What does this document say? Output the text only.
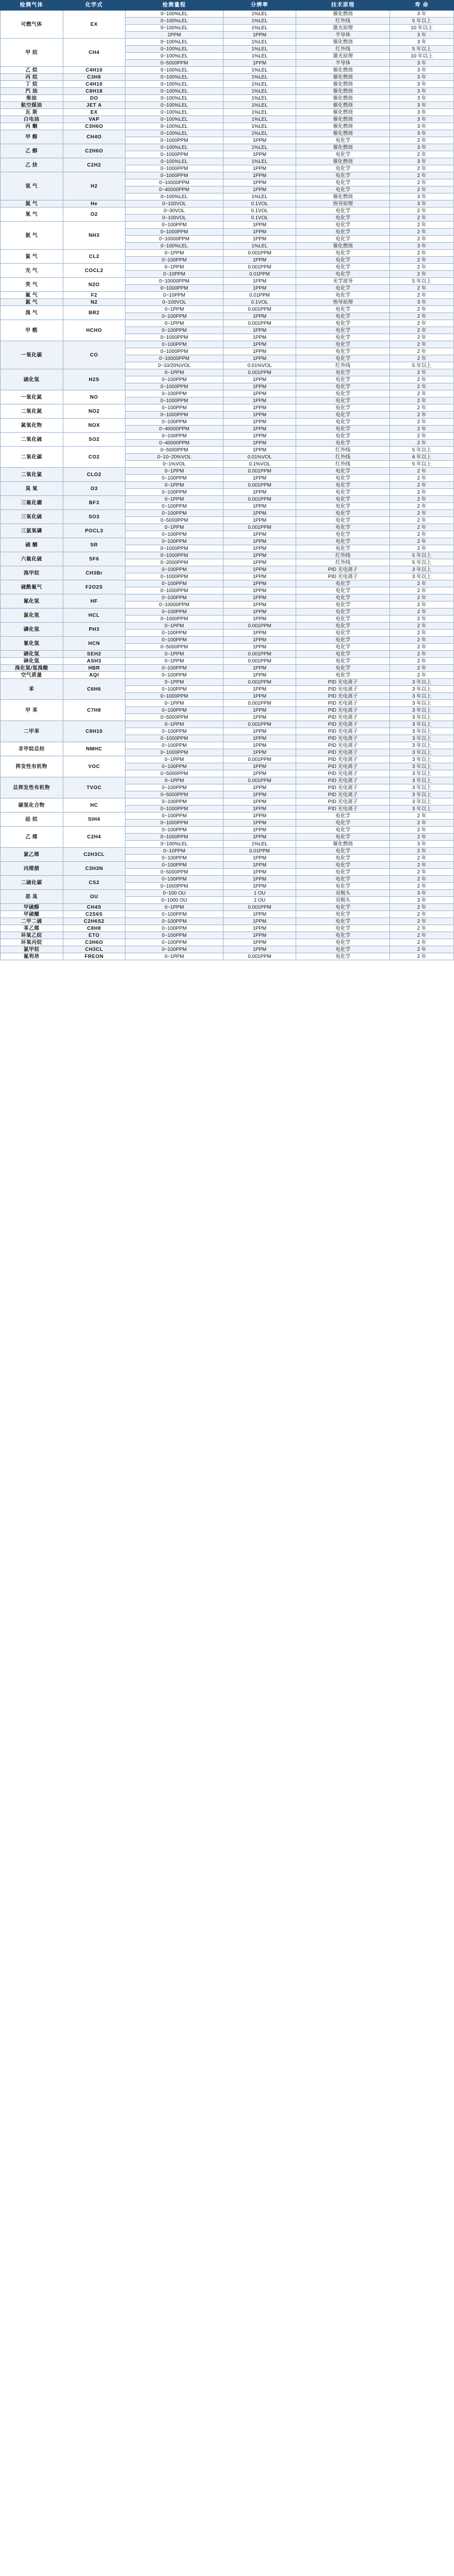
检测气体	化学式	检测量程	分辨率	技术原理	寿 命
可燃气体	EX	0~100%LEL	1%LEL	催化燃烧	3 年
		0~100%LEL	1%LEL	红外线	5 年以上
		0~100%LEL	1%LEL	激光原理	10 年以上
		1PPM	1PPM	半导体	3 年
甲 烷	CH4	0~100%LEL	1%LEL	催化燃烧	3 年
		0~100%LEL	1%LEL	红外线	5 年以上
		0~100%LEL	1%LEL	激光原理	10 年以上
		0~5000PPM	1PPM	半导体	3 年
乙 烷	C4H10	0~100%LEL	1%LEL	催化燃烧	3 年
丙 烷	C3H8	0~100%LEL	1%LEL	催化燃烧	3 年
丁 烷	C4H10	0~100%LEL	1%LEL	催化燃烧	3 年
汽 油	C8H18	0~100%LEL	1%LEL	催化燃烧	3 年
柴油	DO	0~100%LEL	1%LEL	催化燃烧	3 年
航空煤油	JET A	0~100%LEL	1%LEL	催化燃烧	3 年
瓦 斯	EX	0~100%LEL	1%LEL	催化燃烧	3 年
白电油	VAP	0~100%LEL	1%LEL	催化燃烧	3 年
丙 酮	C3H6O	0~100%LEL	1%LEL	催化燃烧	3 年
甲 醇	CH4O	0~100%LEL	1%LEL	催化燃烧	3 年
		0~1000PPM	1PPM	电化学	2 年
乙 醇	C2H6O	0~100%LEL	1%LEL	催化燃烧	3 年
		0~1000PPM	1PPM	电化学	2 年
乙 炔	C2H2	0~100%LEL	1%LEL	催化燃烧	3 年
		0~1000PPM	1PPM	电化学	2 年
氢 气	H2	0~1000PPM	1PPM	电化学	2 年
		0~10000PPM	1PPM	电化学	2 年
		0~40000PPM	1PPM	电化学	2 年
		0~100%LEL	1%LEL	催化燃烧	3 年
氦 气	He	0~100VOL	0.1VOL	热导原理	3 年
氧 气	O2	0~30VOL	0.1VOL	电化学	2 年
		0~100VOL	0.1VOL	电化学	2 年
氨 气	NH3	0~100PPM	1PPM	电化学	2 年
		0~1000PPM	1PPM	电化学	2 年
		0~10000PPM	1PPM	电化学	2 年
		0~100%LEL	1%LEL	催化燃烧	3 年
氯 气	CL2	0~1PPM	0.001PPM	电化学	2 年
		0~100PPM	1PPM	电化学	2 年
光 气	COCL2	0~1PPM	0.001PPM	电化学	2 年
		0~10PPM	0.01PPM	电化学	2 年
笑 气	N2O	0~10000PPM	1PPM	光学波导	5 年以上
		0~1000PPM	1PPM	电化学	2 年
氟 气	F2	0~10PPM	0.01PPM	电化学	2 年
氮 气	N2	0~100VOL	0.1VOL	热导原理	3 年
溴 气	BR2	0~1PPM	0.001PPM	电化学	2 年
		0~100PPM	1PPM	电化学	2 年
甲 醛	HCHO	0~1PPM	0.001PPM	电化学	2 年
		0~100PPM	1PPM	电化学	2 年
		0~1000PPM	1PPM	电化学	2 年
一氧化碳	CO	0~100PPM	1PPM	电化学	2 年
		0~1000PPM	1PPM	电化学	2 年
		0~10000PPM	1PPM	电化学	2 年
		0~10/20%VOL	0.01%VOL	红外线	5 年以上
硫化氢	H2S	0~1PPM	0.001PPM	电化学	2 年
		0~100PPM	1PPM	电化学	2 年
		0~1000PPM	1PPM	电化学	2 年
一氧化氮	NO	0~100PPM	1PPM	电化学	2 年
		0~1000PPM	1PPM	电化学	2 年
二氧化氮	NO2	0~100PPM	1PPM	电化学	2 年
		0~1000PPM	1PPM	电化学	2 年
氮氧化物	NOX	0~100PPM	1PPM	电化学	2 年
		0~40000PPM	1PPM	电化学	2 年
二氧化硫	SO2	0~100PPM	1PPM	电化学	2 年
		0~40000PPM	1PPM	电化学	2 年
二氧化碳	CO2	0~5000PPM	1PPM	红外线	5 年以上
		0~10~20%VOL	0.01%VOL	红外线	6 年以上
		0~1%VOL	0.1%VOL	红外线	5 年以上
二氧化氯	CLO2	0~1PPM	0.001PPM	电化学	2 年
		0~100PPM	1PPM	电化学	2 年
臭 氧	O3	0~1PPM	0.001PPM	电化学	2 年
		0~100PPM	1PPM	电化学	2 年
三氟化硼	BF3	0~1PPM	0.001PPM	电化学	2 年
		0~100PPM	1PPM	电化学	2 年
三氧化硫	SO3	0~100PPM	1PPM	电化学	2 年
		0~5000PPM	1PPM	电化学	2 年
三氯氧磷	POCL3	0~1PPM	0.001PPM	电化学	2 年
		0~100PPM	1PPM	电化学	2 年
硫 醚	SR	0~100PPM	1PPM	电化学	2 年
		0~1000PPM	1PPM	电化学	2 年
六氟化硫	SF6	0~1000PPM	1PPM	红外线	5 年以上
		0~2000PPM	1PPM	红外线	5 年以上
溴甲烷	CH3Br	0~100PPM	1PPM	PID 光电离子	3 年以上
		0~1000PPM	1PPM	PID 光电离子	3 年以上
硫酰氟气	F2O2S	0~100PPM	1PPM	电化学	2 年
		0~1000PPM	1PPM	电化学	2 年
氟化氢	HF	0~100PPM	1PPM	电化学	2 年
		0~10000PPM	1PPM	电化学	2 年
氯化氢	HCL	0~100PPM	1PPM	电化学	2 年
		0~1000PPM	1PPM	电化学	2 年
磷化氢	PH3	0~1PPM	0.001PPM	电化学	2 年
		0~100PPM	1PPM	电化学	2 年
氰化氢	HCN	0~100PPM	1PPM	电化学	2 年
		0~5000PPM	1PPM	电化学	2 年
硒化氢	SEH2	0~1PPM	0.001PPM	电化学	2 年
砷化氢	ASH3	0~1PPM	0.001PPM	电化学	2 年
溴化氢/氢溴酸	HBR	0~100PPM	1PPM	电化学	2 年
空气质量	AQI	0~100PPM	1PPM	电化学	2 年
苯	C6H6	0~1PPM	0.001PPM	PID 光电离子	3 年以上
		0~100PPM	1PPM	PID 光电离子	3 年以上
		0~1000PPM	1PPM	PID 光电离子	3 年以上
甲 苯	C7H8	0~1PPM	0.001PPM	PID 光电离子	3 年以上
		0~100PPM	1PPM	PID 光电离子	3 年以上
		0~5000PPM	1PPM	PID 光电离子	3 年以上
二甲苯	C8H10	0~1PPM	0.001PPM	PID 光电离子	3 年以上
		0~100PPM	1PPM	PID 光电离子	3 年以上
		0~1000PPM	1PPM	PID 光电离子	3 年以上
非甲烷总烃	NMHC	0~100PPM	1PPM	PID 光电离子	3 年以上
		0~1000PPM	1PPM	PID 光电离子	3 年以上
挥发性有机物	VOC	0~1PPM	0.001PPM	PID 光电离子	3 年以上
		0~100PPM	1PPM	PID 光电离子	3 年以上
		0~5000PPM	1PPM	PID 光电离子	3 年以上
总挥发性有机物	TVOC	0~1PPM	0.001PPM	PID 光电离子	3 年以上
		0~100PPM	1PPM	PID 光电离子	3 年以上
		0~5000PPM	1PPM	PID 光电离子	3 年以上
碳氢化合物	HC	0~100PPM	1PPM	PID 光电离子	3 年以上
		0~1000PPM	1PPM	PID 光电离子	3 年以上
硅 烷	SIH4	0~100PPM	1PPM	电化学	2 年
		0~1000PPM	1PPM	电化学	2 年
乙 烯	C2H4	0~100PPM	1PPM	电化学	2 年
		0~1000PPM	1PPM	电化学	2 年
		0~100%LEL	1%LEL	催化燃烧	3 年
氯乙烯	C2H3CL	0~10PPM	0.01PPM	电化学	2 年
		0~100PPM	1PPM	电化学	2 年
丙烯腈	C3H3N	0~100PPM	1PPM	电化学	2 年
		0~5000PPM	1PPM	电化学	2 年
二硫化碳	CS2	0~100PPM	1PPM	电化学	2 年
		0~1000PPM	1PPM	电化学	2 年
恶 臭	OU	0~100 OU	1 OU	双极头	3 年
		0~1000 OU	1 OU	双极头	3 年
甲硫醇	CH4S	0~1PPM	0.001PPM	电化学	2 年
甲硫醚	C2S6S	0~100PPM	1PPM	电化学	2 年
二甲二硫	C2H6S2	0~100PPM	1PPM	电化学	2 年
苯乙烯	C8H8	0~100PPM	1PPM	电化学	2 年
环氧乙烷	ETO	0~100PPM	1PPM	电化学	2 年
环氧丙烷	C3H6O	0~100PPM	1PPM	电化学	2 年
氯甲烷	CH3CL	0~100PPM	1PPM	电化学	2 年
氟利昂	FREON	0~1PPM	0.001PPM	电化学	2 年
